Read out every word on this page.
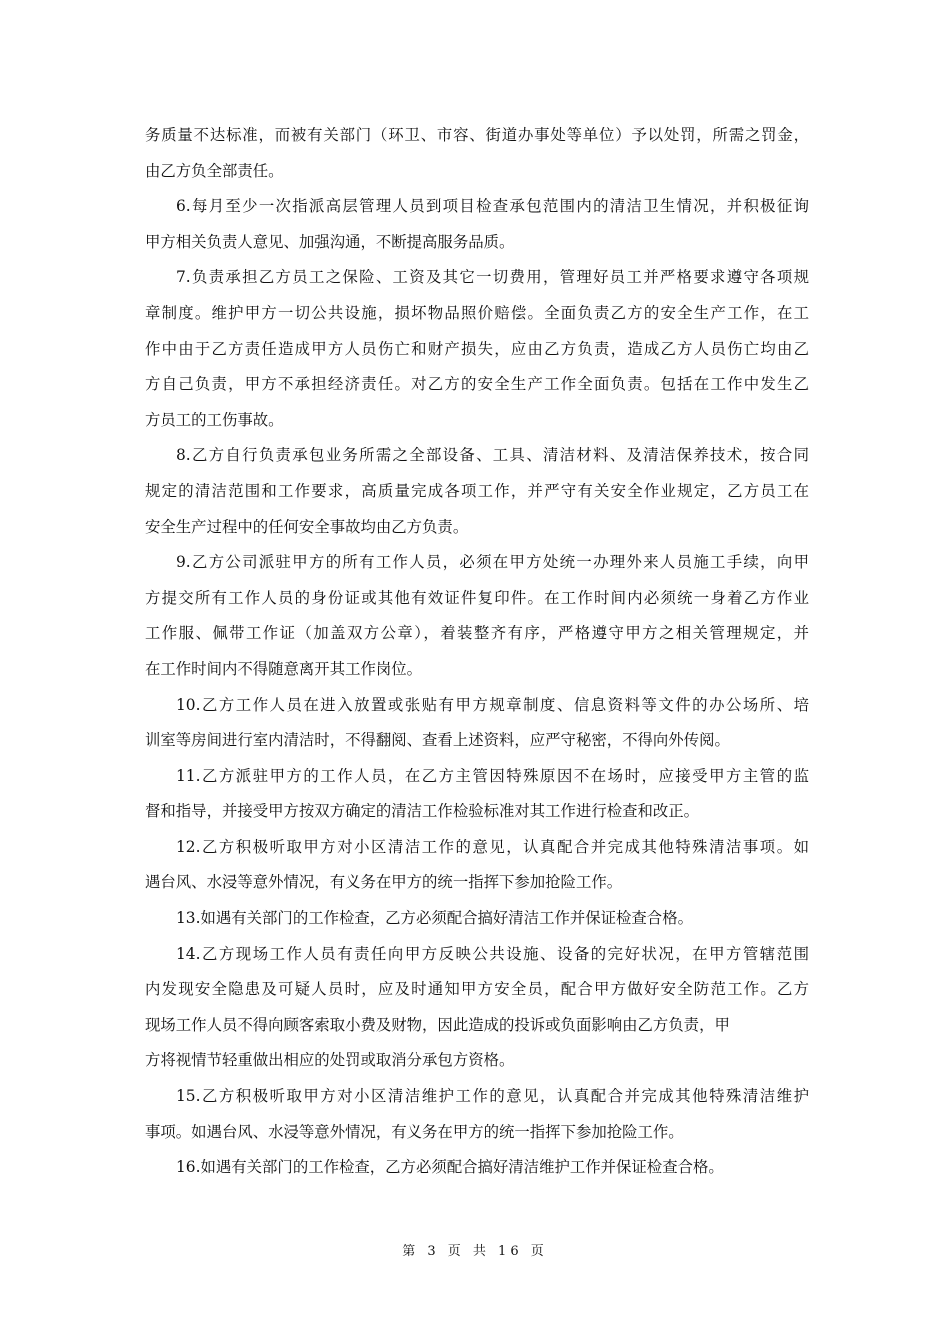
务质量不达标准，而被有关部门（环卫、市容、街道办事处等单位）予以处罚，所需之罚金，
由乙方负全部责任。
6.每月至少一次指派高层管理人员到项目检查承包范围内的清洁卫生情况，并积极征询
甲方相关负责人意见、加强沟通，不断提高服务品质。
7.负责承担乙方员工之保险、工资及其它一切费用，管理好员工并严格要求遵守各项规
章制度。维护甲方一切公共设施，损坏物品照价赔偿。全面负责乙方的安全生产工作，在工
作中由于乙方责任造成甲方人员伤亡和财产损失，应由乙方负责，造成乙方人员伤亡均由乙
方自己负责，甲方不承担经济责任。对乙方的安全生产工作全面负责。包括在工作中发生乙
方员工的工伤事故。
8.乙方自行负责承包业务所需之全部设备、工具、清洁材料、及清洁保养技术，按合同
规定的清洁范围和工作要求，高质量完成各项工作，并严守有关安全作业规定，乙方员工在
安全生产过程中的任何安全事故均由乙方负责。
9.乙方公司派驻甲方的所有工作人员，必须在甲方处统一办理外来人员施工手续，向甲
方提交所有工作人员的身份证或其他有效证件复印件。在工作时间内必须统一身着乙方作业
工作服、佩带工作证（加盖双方公章），着装整齐有序，严格遵守甲方之相关管理规定，并
在工作时间内不得随意离开其工作岗位。
10.乙方工作人员在进入放置或张贴有甲方规章制度、信息资料等文件的办公场所、培
训室等房间进行室内清洁时，不得翻阅、查看上述资料，应严守秘密，不得向外传阅。
11.乙方派驻甲方的工作人员，在乙方主管因特殊原因不在场时，应接受甲方主管的监
督和指导，并接受甲方按双方确定的清洁工作检验标准对其工作进行检查和改正。
12.乙方积极听取甲方对小区清洁工作的意见，认真配合并完成其他特殊清洁事项。如
遇台风、水浸等意外情况，有义务在甲方的统一指挥下参加抢险工作。
13.如遇有关部门的工作检查，乙方必须配合搞好清洁工作并保证检查合格。
14.乙方现场工作人员有责任向甲方反映公共设施、设备的完好状况，在甲方管辖范围
内发现安全隐患及可疑人员时，应及时通知甲方安全员，配合甲方做好安全防范工作。乙方
现场工作人员不得向顾客索取小费及财物，因此造成的投诉或负面影响由乙方负责，甲
方将视情节轻重做出相应的处罚或取消分承包方资格。
15.乙方积极听取甲方对小区清洁维护工作的意见，认真配合并完成其他特殊清洁维护
事项。如遇台风、水浸等意外情况，有义务在甲方的统一指挥下参加抢险工作。
16.如遇有关部门的工作检查，乙方必须配合搞好清洁维护工作并保证检查合格。
第 3 页 共 16 页
